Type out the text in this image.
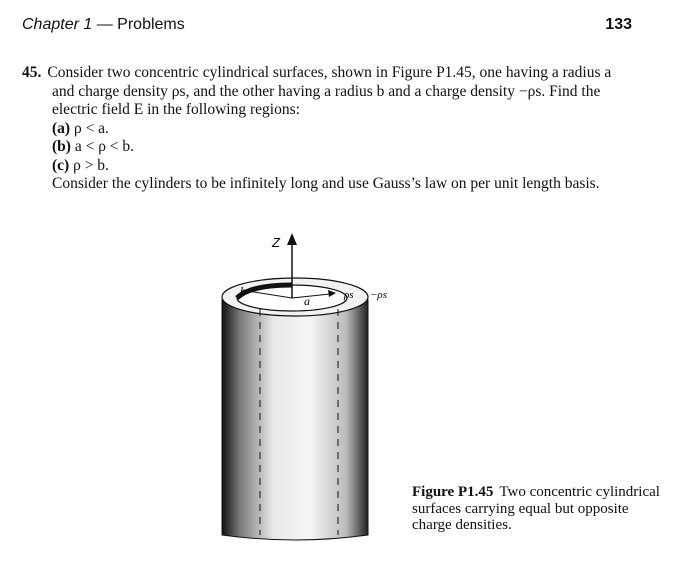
Chapter 1 — Problems	133
45. Consider two concentric cylindrical surfaces, shown in Figure P1.45, one having a radius a
and charge density ρs, and the other having a radius b and a charge density −ρs. Find the
electric field E in the following regions:
(a) ρ < a.
(b) a < ρ < b.
(c) ρ > b.
Consider the cylinders to be infinitely long and use Gauss’s law on per unit length basis.
Z
b
a	ρs −ρs
Figure P1.45 Two concentric cylindrical surfaces carrying equal but opposite charge densities.
